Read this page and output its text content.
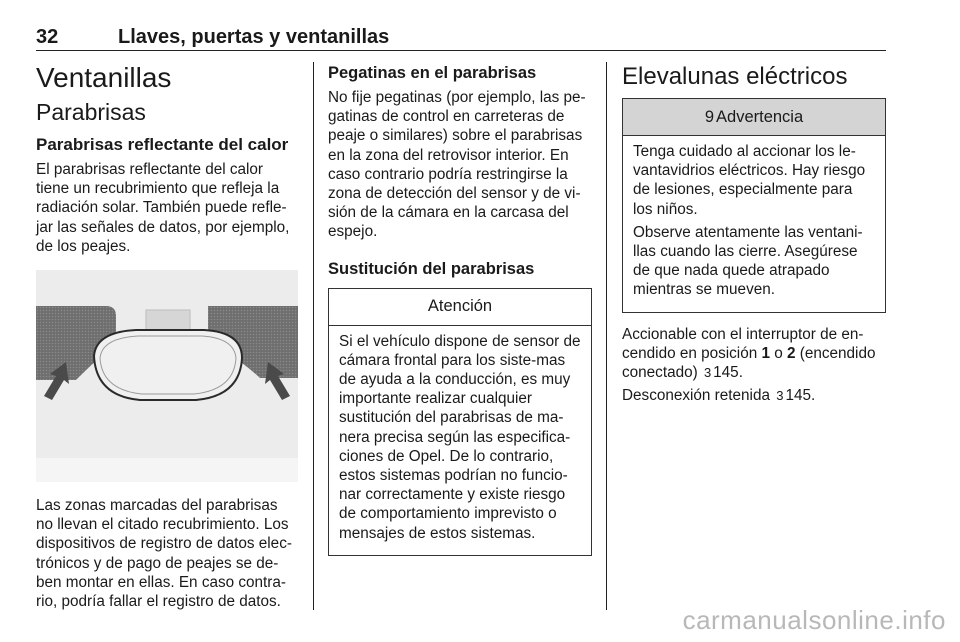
32	Llaves, puertas y ventanillas
Ventanillas
Parabrisas
Parabrisas reflectante del calor

El parabrisas reflectante del calor tiene un recubrimiento que refleja la radiación solar. También puede refle-jar las señales de datos, por ejemplo, de los peajes.

Las zonas marcadas del parabrisas no llevan el citado recubrimiento. Los dispositivos de registro de datos elec-trónicos y de pago de peajes se de-ben montar en ellas. En caso contra-rio, podría fallar el registro de datos.

Pegatinas en el parabrisas

No fije pegatinas (por ejemplo, las pe-gatinas de control en carreteras de peaje o similares) sobre el parabrisas en la zona del retrovisor interior. En caso contrario podría restringirse la zona de detección del sensor y de vi-sión de la cámara en la carcasa del espejo.

Sustitución del parabrisas
Atención

Si el vehículo dispone de sensor de cámara frontal para los siste-mas de ayuda a la conducción, es muy importante realizar cualquier sustitución del parabrisas de ma-nera precisa según las especifica-ciones de Opel. De lo contrario, estos sistemas podrían no funcio-nar correctamente y existe riesgo de comportamiento imprevisto o mensajes de estos sistemas.

Elevalunas eléctricos
9 Advertencia

Tenga cuidado al accionar los le-vantavidrios eléctricos. Hay riesgo de lesiones, especialmente para los niños.

Observe atentamente las ventani-llas cuando las cierre. Asegúrese de que nada quede atrapado mientras se mueven.

Accionable con el interruptor de en-cendido en posición 1 o 2 (encendido conectado) 3 145.

Desconexión retenida 3 145.

carmanualsonline.info
